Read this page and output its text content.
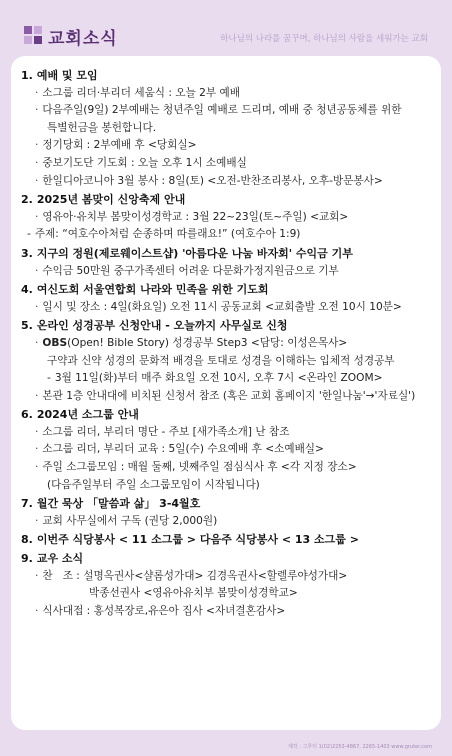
교회소식	하나님의 나라를 꿈꾸며, 하나님의 사람을 세워가는 교회
1. 예배 및 모임
· 소그룹 리더·부리더 세움식 : 오늘 2부 예배
· 다음주일(9일) 2부예배는 청년주일 예배로 드리며, 예배 중 청년공동체를 위한
특별헌금을 봉헌합니다.
· 정기당회 : 2부예배 후 <당회실>
· 중보기도단 기도회 : 오늘 오후 1시 소예배실
· 한일디아코니아 3월 봉사 : 8일(토) <오전-반찬조리봉사, 오후-방문봉사>
2. 2025년 봄맞이 신앙축제 안내
· 영유아·유치부 봄맞이성경학교 : 3월 22~23일(토~주일) <교회>
- 주제: “여호수아처럼 순종하며 따를래요!” (여호수아 1:9)
3. 지구의 정원(제로웨이스트샵) '아름다운 나눔 바자회' 수익금 기부
· 수익금 50만원 중구가족센터 어려운 다문화가정지원금으로 기부
4. 여신도회 서울연합회 나라와 민족을 위한 기도회
· 일시 및 장소 : 4일(화요일) 오전 11시 공동교회 <교회출발 오전 10시 10분>
5. 온라인 성경공부 신청안내 - 오늘까지 사무실로 신청
· OBS(Open! Bible Story) 성경공부 Step3 <담당: 이성은목사>
구약과 신약 성경의 문화적 배경을 토대로 성경을 이해하는 입체적 성경공부
- 3월 11일(화)부터 매주 화요일 오전 10시, 오후 7시 <온라인 ZOOM>
· 본관 1층 안내대에 비치된 신청서 참조 (혹은 교회 홈페이지 '한일나눔'→'자료실')
6. 2024년 소그룹 안내
· 소그룹 리더, 부리더 명단 - 주보 [새가족소개] 난 참조
· 소그룹 리더, 부리더 교육 : 5일(수) 수요예배 후 <소예배실>
· 주일 소그룹모임 : 매월 둘째, 넷째주일 점심식사 후 <각 지정 장소>
(다음주일부터 주일 소그룹모임이 시작됩니다)
7. 월간 묵상 「말씀과 삶」 3-4월호
· 교회 사무실에서 구독 (권당 2,000원)
8. 이번주 식당봉사 < 11 소그룹 > 다음주 식당봉사 < 13 소그룹 >
9. 교우 소식
· 찬   조 : 설명옥권사<샬롬성가대> 김경옥권사<할렐루야성가대>
박종선권사 <영유아유치부 봄맞이성경학교>
· 식사대접 : 홍성복장로,유은아 집사 <자녀결혼감사>
제작 : 그루터 1(02)2253-4867, 2265-1403 www.gruter.com
